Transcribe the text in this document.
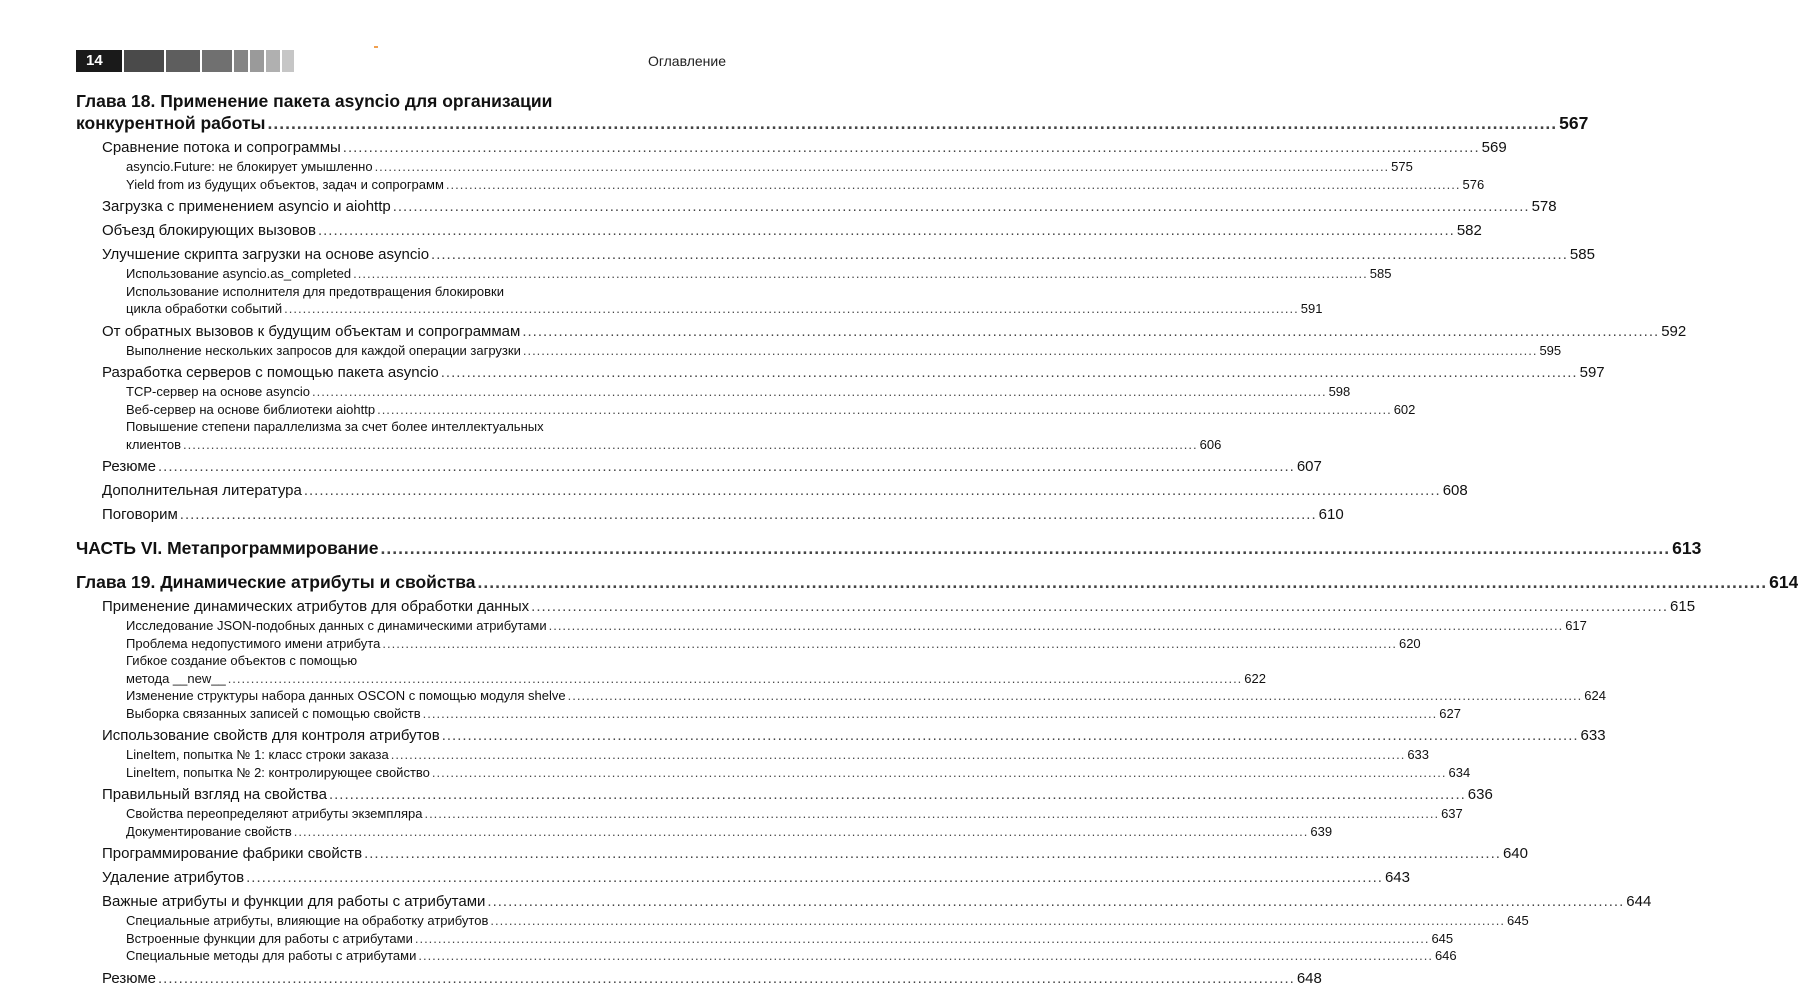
14	Оглавление
Глава 18. Применение пакета asyncio для организации
конкурентной работы ............................................................................................................................................................................................................................ 567
Сравнение потока и сопрограммы ............................................................................................................................................................................................................................ 569
asyncio.Future: не блокирует умышленно ............................................................................................................................................................................................................................ 575
Yield from из будущих объектов, задач и сопрограмм ............................................................................................................................................................................................................................ 576
Загрузка с применением asyncio и aiohttp ............................................................................................................................................................................................................................ 578
Объезд блокирующих вызовов ............................................................................................................................................................................................................................ 582
Улучшение скрипта загрузки на основе asyncio ............................................................................................................................................................................................................................ 585
Использование asyncio.as_completed ............................................................................................................................................................................................................................ 585
Использование исполнителя для предотвращения блокировки
цикла обработки событий ............................................................................................................................................................................................................................ 591
От обратных вызовов к будущим объектам и сопрограммам ............................................................................................................................................................................................................................ 592
Выполнение нескольких запросов для каждой операции загрузки ............................................................................................................................................................................................................................ 595
Разработка серверов с помощью пакета asyncio ............................................................................................................................................................................................................................ 597
TCP-сервер на основе asyncio ............................................................................................................................................................................................................................ 598
Веб-сервер на основе библиотеки aiohttp ............................................................................................................................................................................................................................ 602
Повышение степени параллелизма за счет более интеллектуальных
клиентов ............................................................................................................................................................................................................................ 606
Резюме ............................................................................................................................................................................................................................ 607
Дополнительная литература ............................................................................................................................................................................................................................ 608
Поговорим ............................................................................................................................................................................................................................ 610
ЧАСТЬ VI. Метапрограммирование ............................................................................................................................................................................................................................ 613
Глава 19. Динамические атрибуты и свойства ............................................................................................................................................................................................................................ 614
Применение динамических атрибутов для обработки данных ............................................................................................................................................................................................................................ 615
Исследование JSON-подобных данных с динамическими атрибутами ............................................................................................................................................................................................................................ 617
Проблема недопустимого имени атрибута ............................................................................................................................................................................................................................ 620
Гибкое создание объектов с помощью
метода __new__ ............................................................................................................................................................................................................................ 622
Изменение структуры набора данных OSCON с помощью модуля shelve ............................................................................................................................................................................................................................ 624
Выборка связанных записей с помощью свойств ............................................................................................................................................................................................................................ 627
Использование свойств для контроля атрибутов ............................................................................................................................................................................................................................ 633
LineItem, попытка № 1: класс строки заказа ............................................................................................................................................................................................................................ 633
LineItem, попытка № 2: контролирующее свойство ............................................................................................................................................................................................................................ 634
Правильный взгляд на свойства ............................................................................................................................................................................................................................ 636
Свойства переопределяют атрибуты экземпляра ............................................................................................................................................................................................................................ 637
Документирование свойств ............................................................................................................................................................................................................................ 639
Программирование фабрики свойств ............................................................................................................................................................................................................................ 640
Удаление атрибутов ............................................................................................................................................................................................................................ 643
Важные атрибуты и функции для работы с атрибутами ............................................................................................................................................................................................................................ 644
Специальные атрибуты, влияющие на обработку атрибутов ............................................................................................................................................................................................................................ 645
Встроенные функции для работы с атрибутами ............................................................................................................................................................................................................................ 645
Специальные методы для работы с атрибутами ............................................................................................................................................................................................................................ 646
Резюме ............................................................................................................................................................................................................................ 648
